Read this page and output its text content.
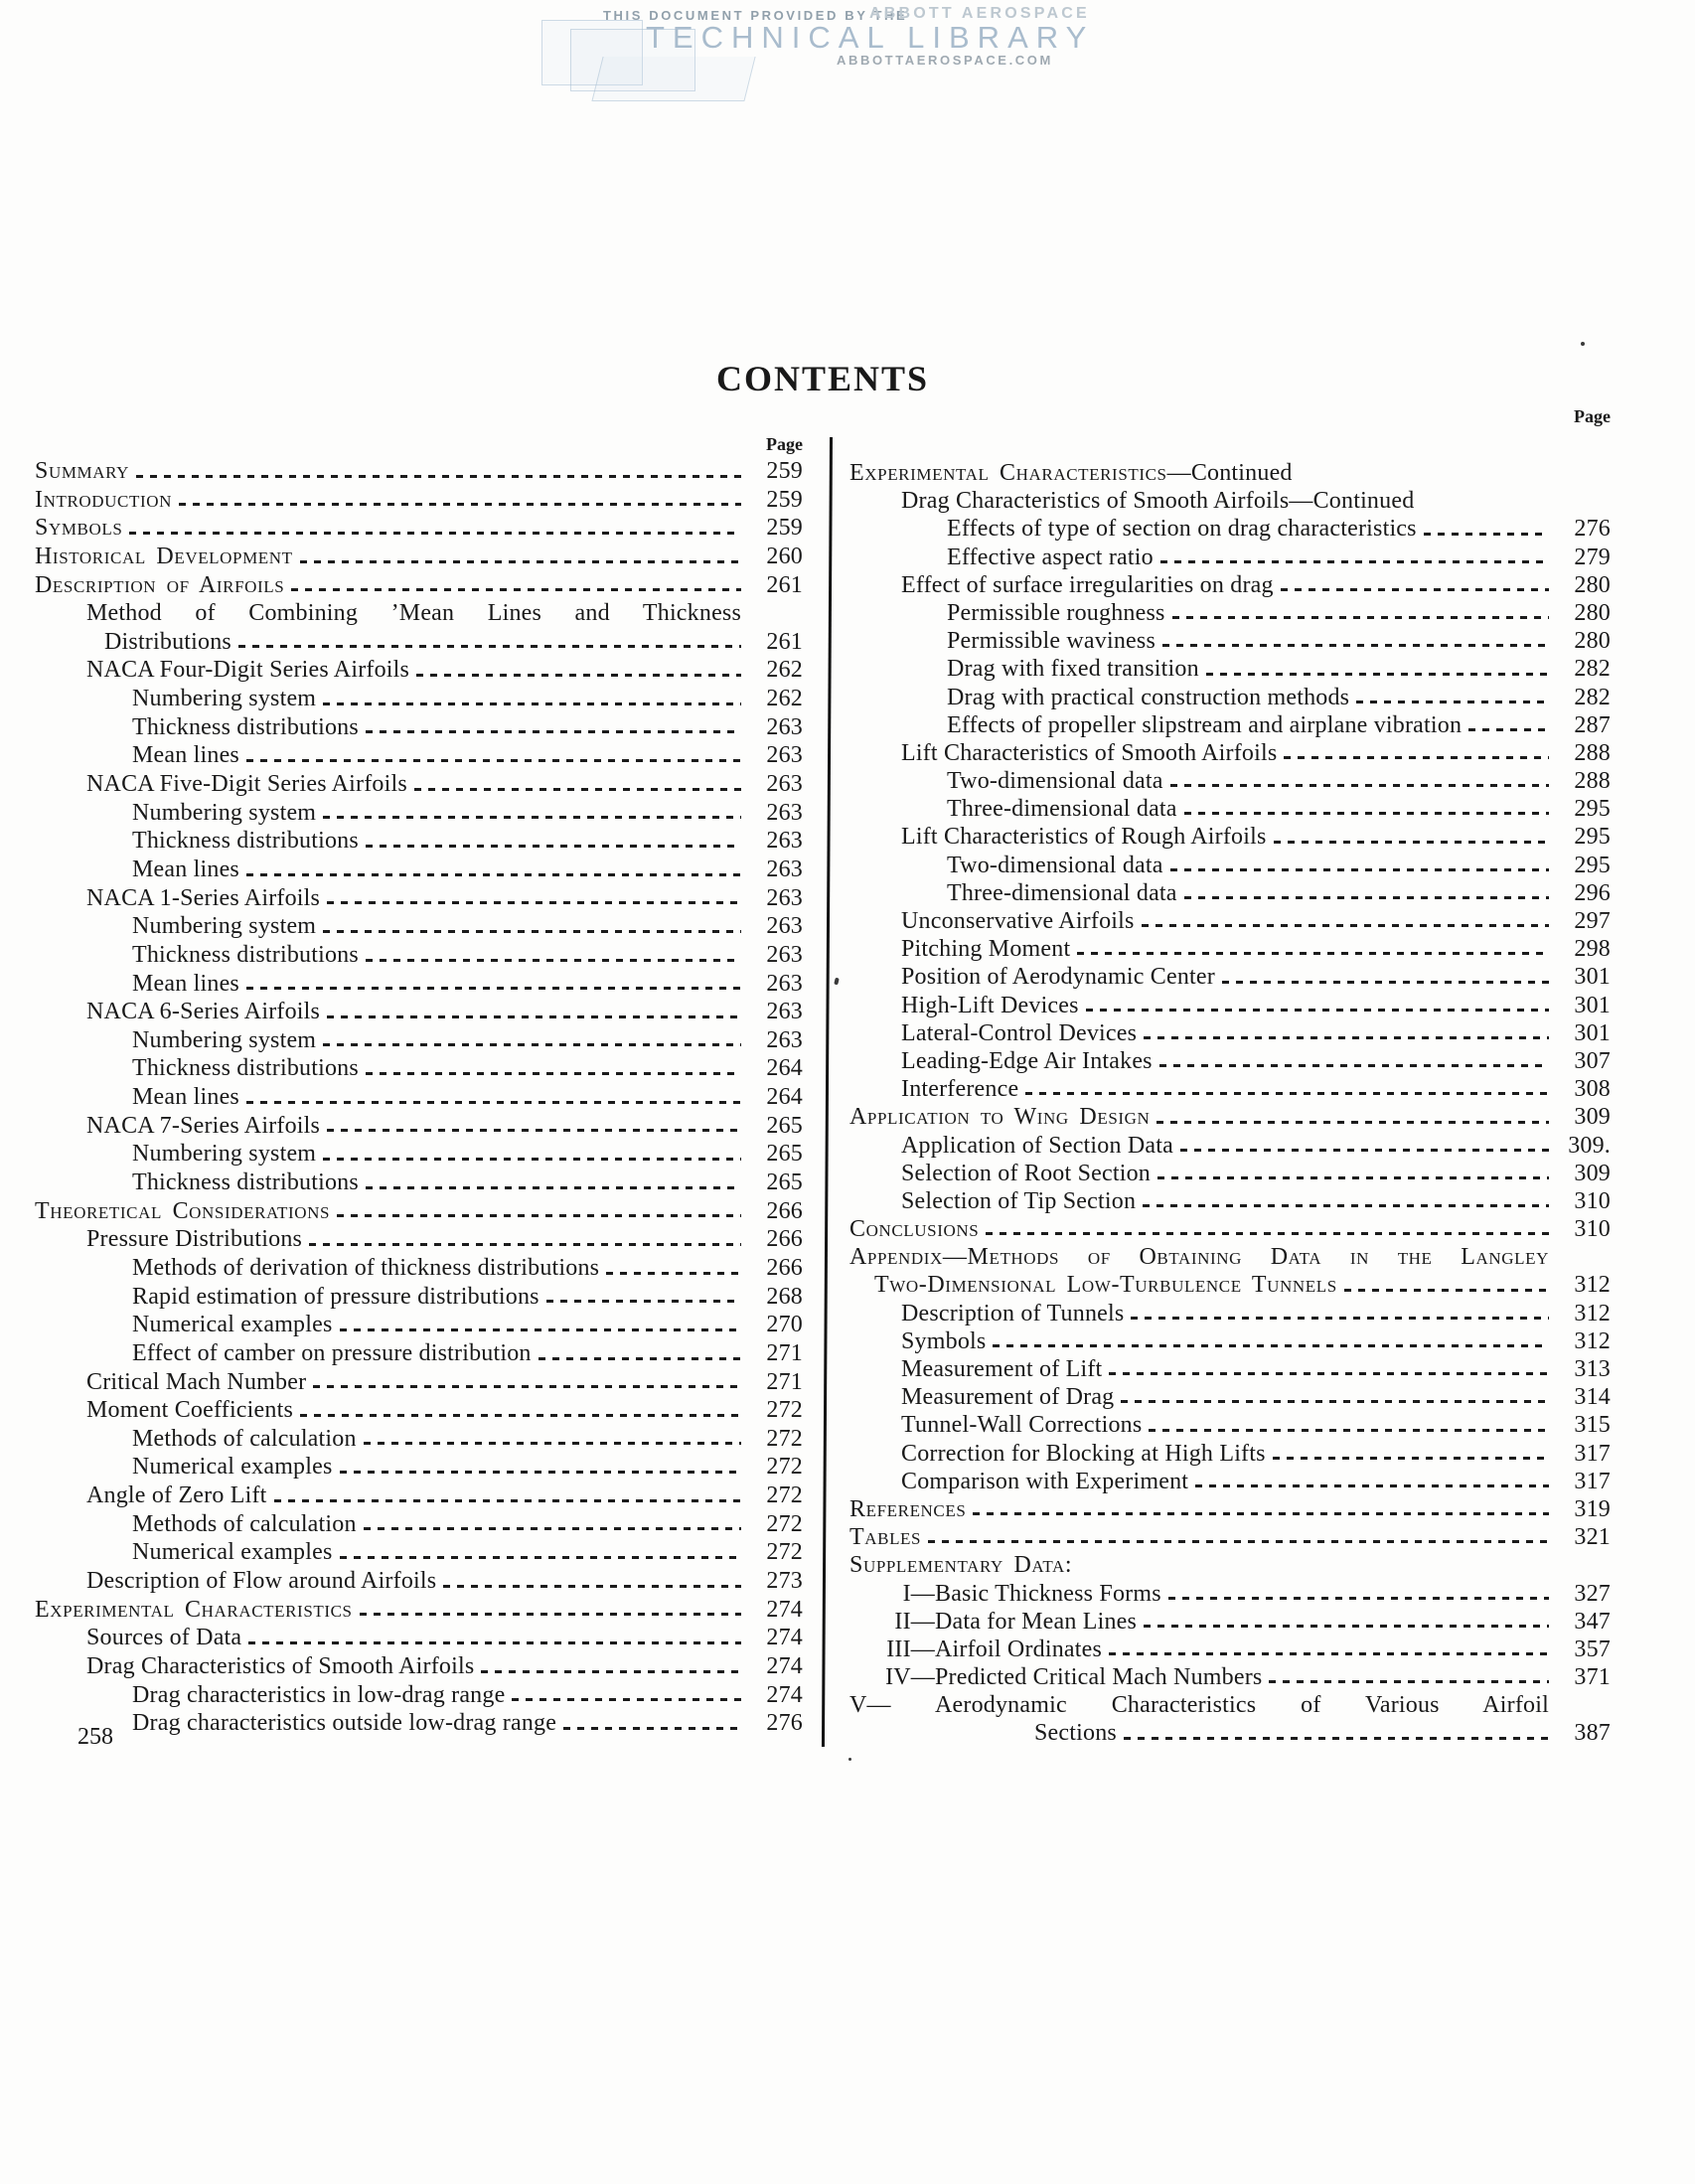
THIS DOCUMENT PROVIDED BY THE
ABBOTT AEROSPACE
TECHNICAL LIBRARY
ABBOTTAEROSPACE.COM
CONTENTS
Page
Page
Summary	259
Introduction	259
Symbols	259
Historical Development	260
Description of Airfoils	261
Method of Combining ’Mean Lines and Thickness
Distributions	261
NACA Four-Digit Series Airfoils	262
Numbering system	262
Thickness distributions	263
Mean lines	263
NACA Five-Digit Series Airfoils	263
Numbering system	263
Thickness distributions	263
Mean lines	263
NACA 1-Series Airfoils	263
Numbering system	263
Thickness distributions	263
Mean lines	263
NACA 6-Series Airfoils	263
Numbering system	263
Thickness distributions	264
Mean lines	264
NACA 7-Series Airfoils	265
Numbering system	265
Thickness distributions	265
Theoretical Considerations	266
Pressure Distributions	266
Methods of derivation of thickness distributions	266
Rapid estimation of pressure distributions	268
Numerical examples	270
Effect of camber on pressure distribution	271
Critical Mach Number	271
Moment Coefficients	272
Methods of calculation	272
Numerical examples	272
Angle of Zero Lift	272
Methods of calculation	272
Numerical examples	272
Description of Flow around Airfoils	273
Experimental Characteristics	274
Sources of Data	274
Drag Characteristics of Smooth Airfoils	274
Drag characteristics in low-drag range	274
Drag characteristics outside low-drag range	276
Experimental Characteristics—Continued
Drag Characteristics of Smooth Airfoils—Continued
Effects of type of section on drag characteristics	276
Effective aspect ratio	279
Effect of surface irregularities on drag	280
Permissible roughness	280
Permissible waviness	280
Drag with fixed transition	282
Drag with practical construction methods	282
Effects of propeller slipstream and airplane vibration	287
Lift Characteristics of Smooth Airfoils	288
Two-dimensional data	288
Three-dimensional data	295
Lift Characteristics of Rough Airfoils	295
Two-dimensional data	295
Three-dimensional data	296
Unconservative Airfoils	297
Pitching Moment	298
Position of Aerodynamic Center	301
High-Lift Devices	301
Lateral-Control Devices	301
Leading-Edge Air Intakes	307
Interference	308
Application to Wing Design	309
Application of Section Data	309.
Selection of Root Section	309
Selection of Tip Section	310
Conclusions	310
Appendix—Methods of Obtaining Data in the Langley
Two-Dimensional Low-Turbulence Tunnels	312
Description of Tunnels	312
Symbols	312
Measurement of Lift	313
Measurement of Drag	314
Tunnel-Wall Corrections	315
Correction for Blocking at High Lifts	317
Comparison with Experiment	317
References	319
Tables	321
Supplementary Data:
I—Basic Thickness Forms	327
II—Data for Mean Lines	347
III—Airfoil Ordinates	357
IV—Predicted Critical Mach Numbers	371
V— Aerodynamic Characteristics of Various Airfoil
Sections	387
258
